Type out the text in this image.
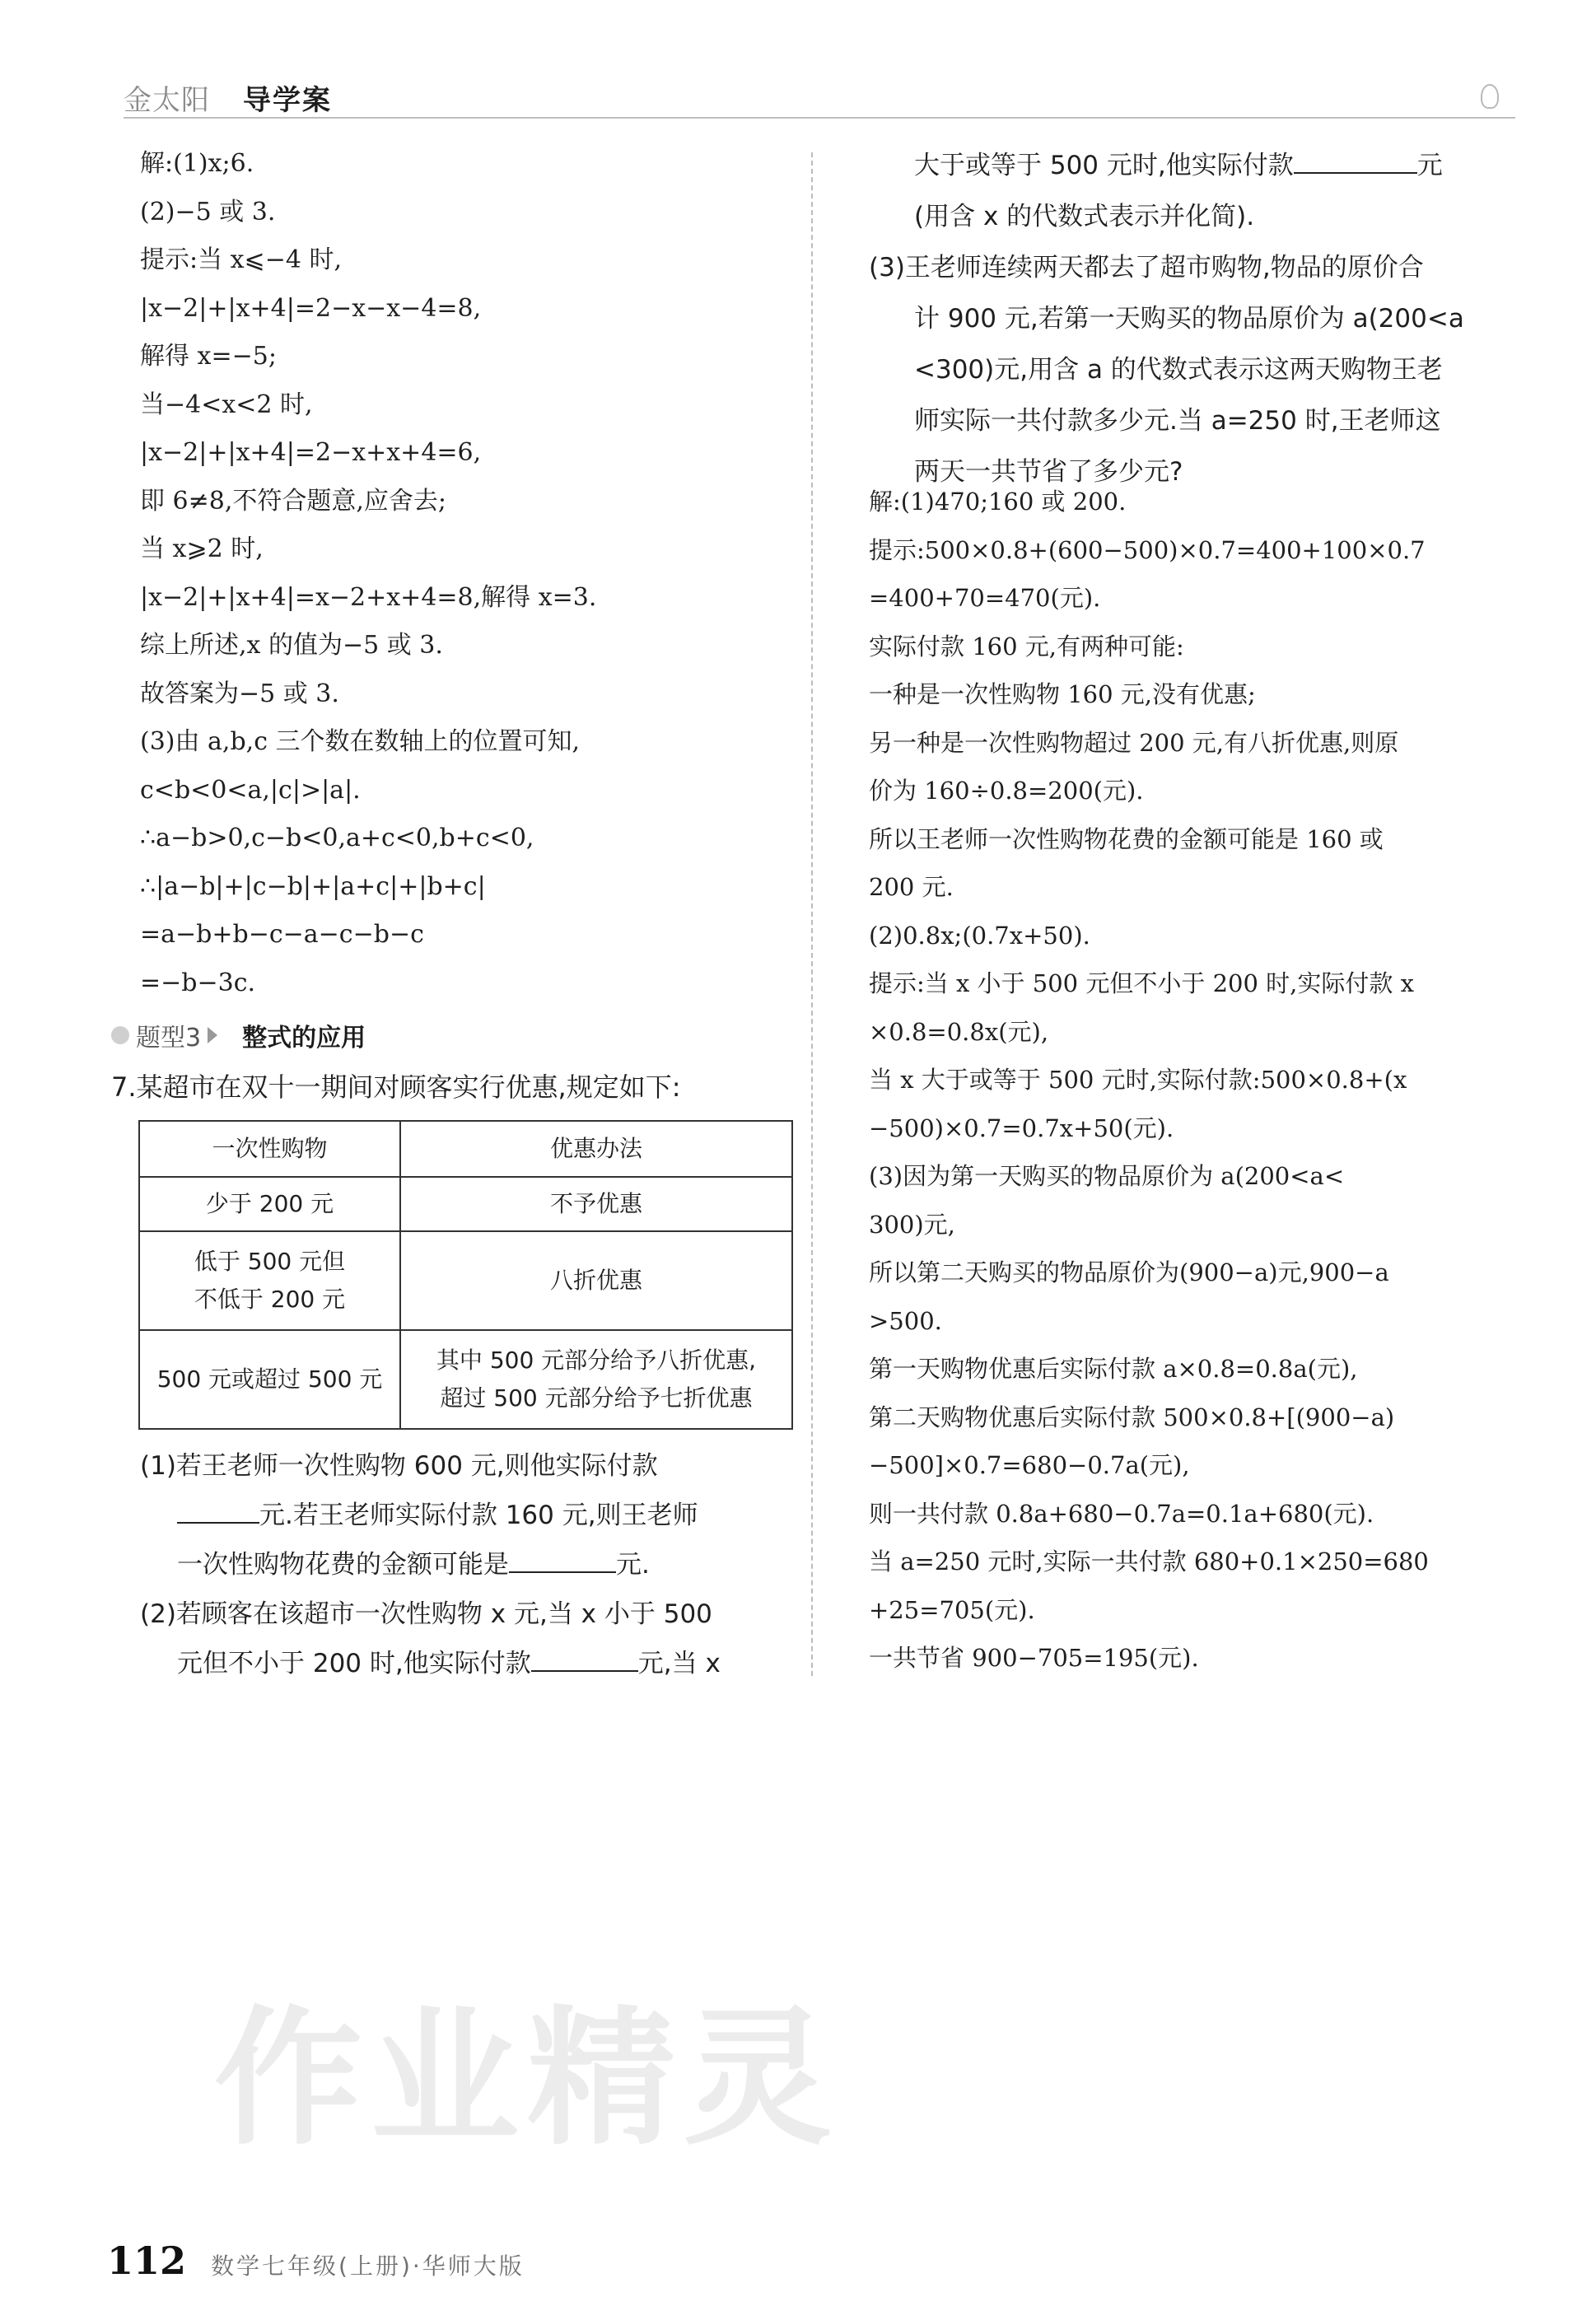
金太阳 导学案
解:(1)x;6.
(2)−5 或 3.
提示:当 x⩽−4 时,
|x−2|+|x+4|=2−x−x−4=8,
解得 x=−5;
当−4<x<2 时,
|x−2|+|x+4|=2−x+x+4=6,
即 6≠8,不符合题意,应舍去;
当 x⩾2 时,
|x−2|+|x+4|=x−2+x+4=8,解得 x=3.
综上所述,x 的值为−5 或 3.
故答案为−5 或 3.
(3)由 a,b,c 三个数在数轴上的位置可知,
c<b<0<a,|c|>|a|.
∴a−b>0,c−b<0,a+c<0,b+c<0,
∴|a−b|+|c−b|+|a+c|+|b+c|
=a−b+b−c−a−c−b−c
=−b−3c.
题型3 整式的应用
7.某超市在双十一期间对顾客实行优惠,规定如下:
一次性购物	优惠办法

少于 200 元	不予优惠

低于 500 元但
不低于 200 元	八折优惠

500 元或超过 500 元	其中 500 元部分给予八折优惠,
超过 500 元部分给予七折优惠
(1)若王老师一次性购物 600 元,则他实际付款
元.若王老师实际付款 160 元,则王老师
一次性购物花费的金额可能是	元.
(2)若顾客在该超市一次性购物 x 元,当 x 小于 500
元但不小于 200 时,他实际付款	元,当 x
大于或等于 500 元时,他实际付款	元
(用含 x 的代数式表示并化简).
(3)王老师连续两天都去了超市购物,物品的原价合
计 900 元,若第一天购买的物品原价为 a(200<a
<300)元,用含 a 的代数式表示这两天购物王老
师实际一共付款多少元.当 a=250 时,王老师这
两天一共节省了多少元?
解:(1)470;160 或 200.
提示:500×0.8+(600−500)×0.7=400+100×0.7
=400+70=470(元).
实际付款 160 元,有两种可能:
一种是一次性购物 160 元,没有优惠;
另一种是一次性购物超过 200 元,有八折优惠,则原
价为 160÷0.8=200(元).
所以王老师一次性购物花费的金额可能是 160 或
200 元.
(2)0.8x;(0.7x+50).
提示:当 x 小于 500 元但不小于 200 时,实际付款 x
×0.8=0.8x(元),
当 x 大于或等于 500 元时,实际付款:500×0.8+(x
−500)×0.7=0.7x+50(元).
(3)因为第一天购买的物品原价为 a(200<a<
300)元,
所以第二天购买的物品原价为(900−a)元,900−a
>500.
第一天购物优惠后实际付款 a×0.8=0.8a(元),
第二天购物优惠后实际付款 500×0.8+[(900−a)
−500]×0.7=680−0.7a(元),
则一共付款 0.8a+680−0.7a=0.1a+680(元).
当 a=250 元时,实际一共付款 680+0.1×250=680
+25=705(元).
一共节省 900−705=195(元).
作业精灵
112 数学七年级(上册)·华师大版
